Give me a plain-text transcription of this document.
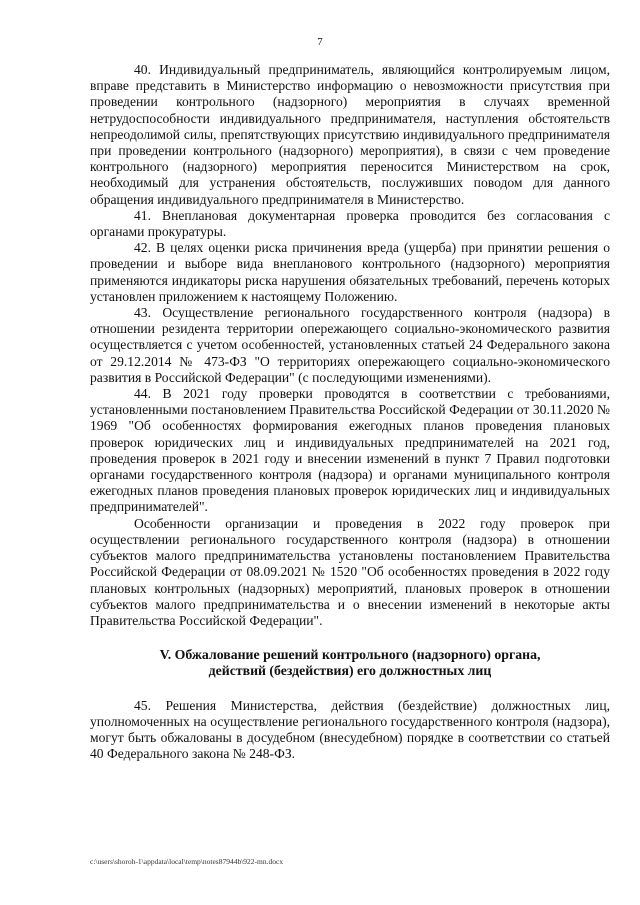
7

40. Индивидуальный предприниматель, являющийся контролируемым лицом, вправе представить в Министерство информацию о невозможности присутствия при проведении контрольного (надзорного) мероприятия в случаях временной нетрудоспособности индивидуального предпринимателя, наступления обстоятельств непреодолимой силы, препятствующих присутствию индивидуального предпринимателя при проведении контрольного (надзорного) мероприятия), в связи с чем проведение контрольного (надзорного) мероприятия переносится Министерством на срок, необходимый для устранения обстоятельств, послуживших поводом для данного обращения индивидуального предпринимателя в Министерство.

41. Внеплановая документарная проверка проводится без согласования с органами прокуратуры.

42. В целях оценки риска причинения вреда (ущерба) при принятии решения о проведении и выборе вида внепланового контрольного (надзорного) мероприятия применяются индикаторы риска нарушения обязательных требований, перечень которых установлен приложением к настоящему Положению.

43. Осуществление регионального государственного контроля (надзора) в отношении резидента территории опережающего социально-экономического развития осуществляется с учетом особенностей, установленных статьей 24 Федерального закона от 29.12.2014 № 473-ФЗ "О территориях опережающего социально-экономического развития в Российской Федерации" (с последующими изменениями).

44. В 2021 году проверки проводятся в соответствии с требованиями, установленными постановлением Правительства Российской Федерации от 30.11.2020 № 1969 "Об особенностях формирования ежегодных планов проведения плановых проверок юридических лиц и индивидуальных предпринимателей на 2021 год, проведения проверок в 2021 году и внесении изменений в пункт 7 Правил подготовки органами государственного контроля (надзора) и органами муниципального контроля ежегодных планов проведения плановых проверок юридических лиц и индивидуальных предпринимателей".

Особенности организации и проведения в 2022 году проверок при осуществлении регионального государственного контроля (надзора) в отношении субъектов малого предпринимательства установлены постановлением Правительства Российской Федерации от 08.09.2021 № 1520 "Об особенностях проведения в 2022 году плановых контрольных (надзорных) мероприятий, плановых проверок в отношении субъектов малого предпринимательства и о внесении изменений в некоторые акты Правительства Российской Федерации".

V. Обжалование решений контрольного (надзорного) органа,
действий (бездействия) его должностных лиц

45. Решения Министерства, действия (бездействие) должностных лиц, уполномоченных на осуществление регионального государственного контроля (надзора), могут быть обжалованы в досудебном (внесудебном) порядке в соответствии со статьей 40 Федерального закона № 248-ФЗ.

c:\users\shoroh-1\appdata\local\temp\notes87944b\922-mn.docx
